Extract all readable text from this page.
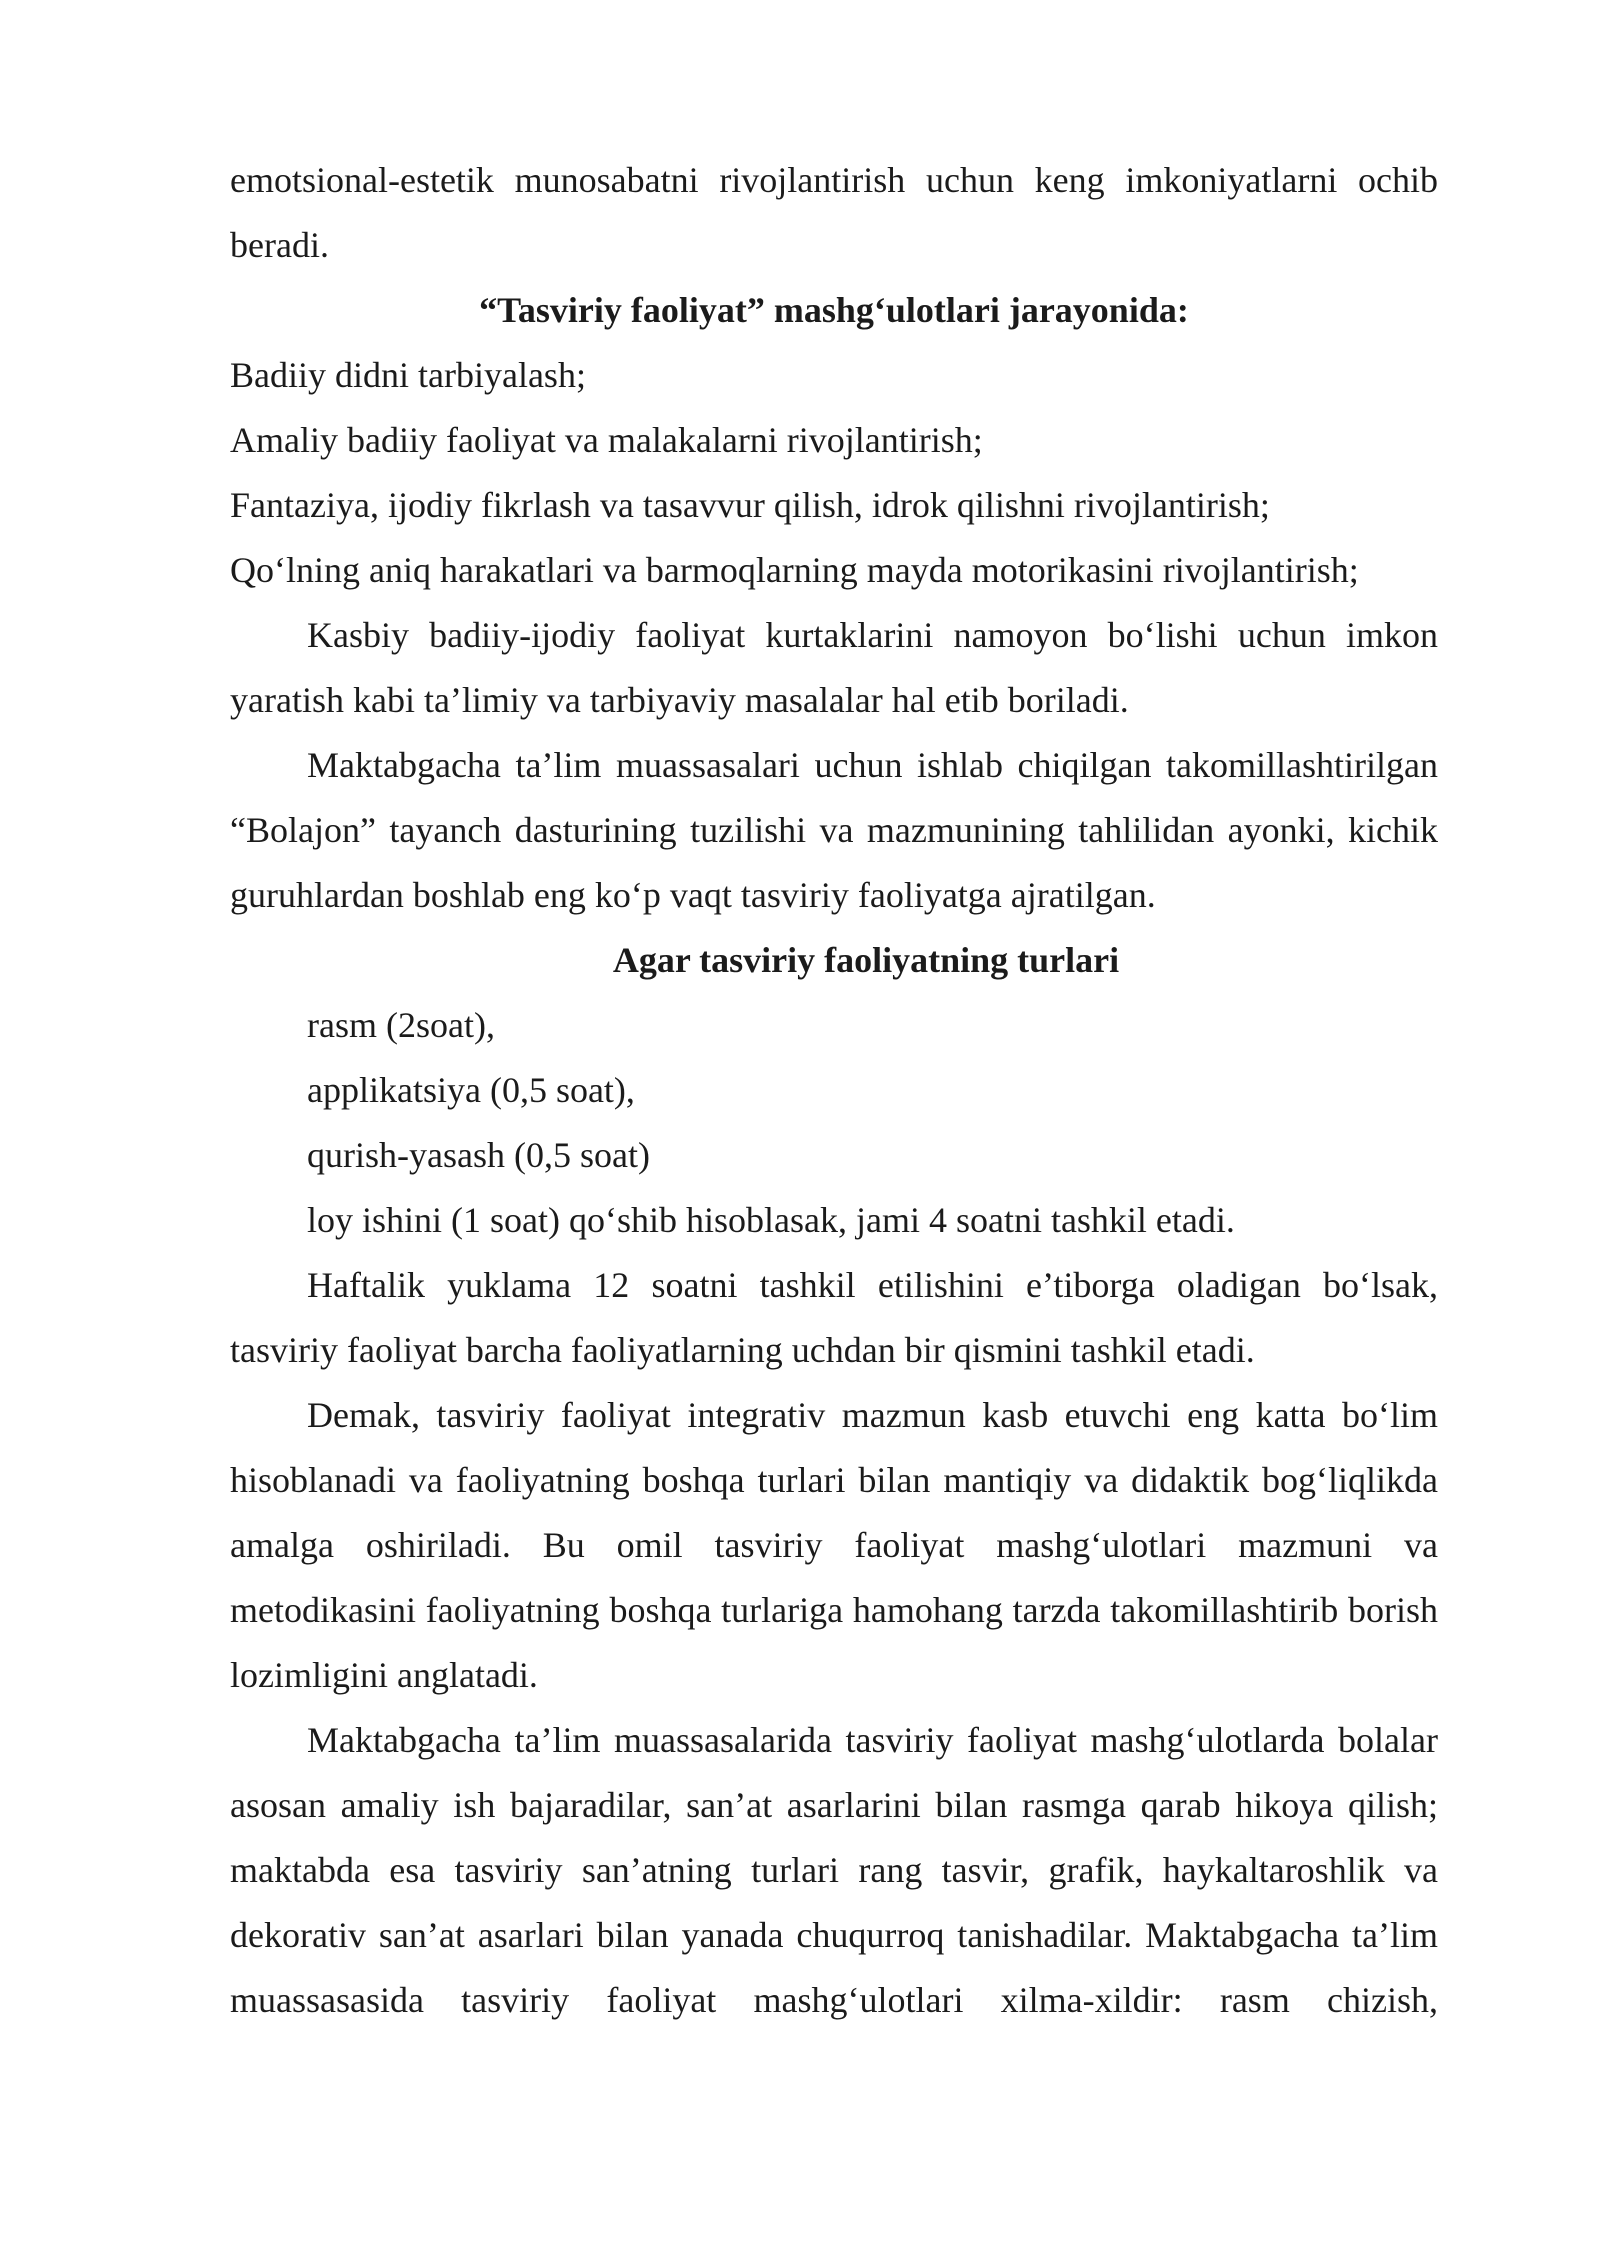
emotsional-estetik munosabatni rivojlantirish uchun keng imkoniyatlarni ochib beradi.

“Tasviriy faoliyat” mashg‘ulotlari jarayonida:

Badiiy didni tarbiyalash;

Amaliy badiiy faoliyat va malakalarni rivojlantirish;

Fantaziya, ijodiy fikrlash va tasavvur qilish, idrok qilishni rivojlantirish;

Qo‘lning aniq harakatlari va barmoqlarning mayda motorikasini rivojlantirish;

Kasbiy badiiy-ijodiy faoliyat kurtaklarini namoyon bo‘lishi uchun imkon yaratish kabi ta’limiy va tarbiyaviy masalalar hal etib boriladi.

Maktabgacha ta’lim muassasalari uchun ishlab chiqilgan takomillashtirilgan “Bolajon” tayanch dasturining tuzilishi va mazmunining tahlilidan ayonki, kichik guruhlardan boshlab eng ko‘p vaqt tasviriy faoliyatga ajratilgan.

Agar tasviriy faoliyatning turlari

rasm (2soat),

applikatsiya (0,5 soat),

qurish-yasash (0,5 soat)

loy ishini (1 soat) qo‘shib hisoblasak, jami 4 soatni tashkil etadi.

Haftalik yuklama 12 soatni tashkil etilishini e’tiborga oladigan bo‘lsak, tasviriy faoliyat barcha faoliyatlarning uchdan bir qismini tashkil etadi.

Demak, tasviriy faoliyat integrativ mazmun kasb etuvchi eng katta bo‘lim hisoblanadi va faoliyatning boshqa turlari bilan mantiqiy va didaktik bog‘liqlikda amalga oshiriladi. Bu omil tasviriy faoliyat mashg‘ulotlari mazmuni va metodikasini faoliyatning boshqa turlariga hamohang tarzda takomillashtirib borish lozimligini anglatadi.

Maktabgacha ta’lim muassasalarida tasviriy faoliyat mashg‘ulotlarda bolalar asosan amaliy ish bajaradilar, san’at asarlarini bilan rasmga qarab hikoya qilish; maktabda esa tasviriy san’atning turlari rang tasvir, grafik, haykaltaroshlik va dekorativ san’at asarlari bilan yanada chuqurroq tanishadilar. Maktabgacha ta’lim muassasasida tasviriy faoliyat mashg‘ulotlari xilma-xildir: rasm chizish,
